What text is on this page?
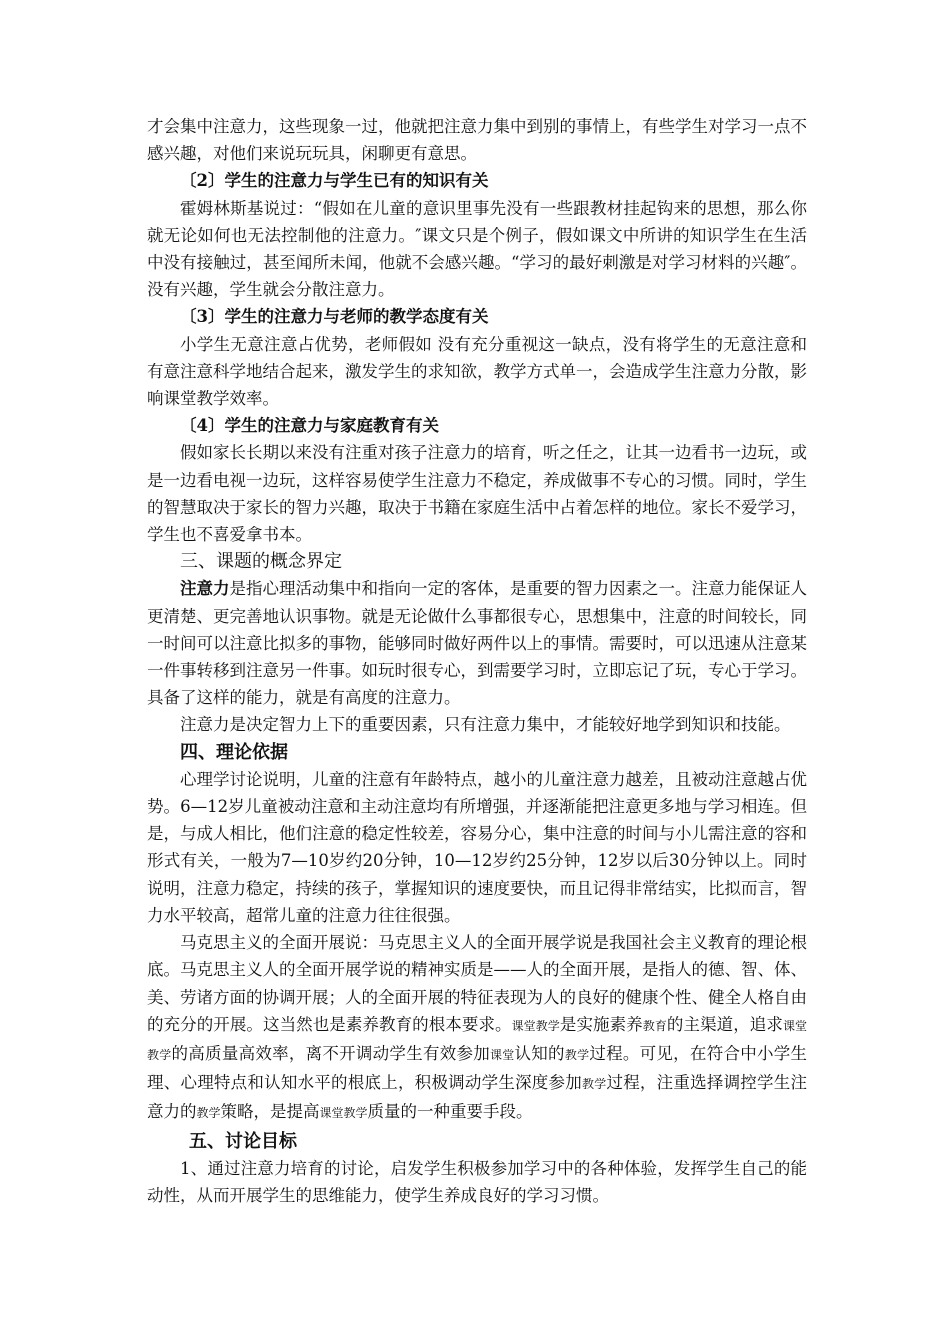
才会集中注意力，这些现象一过，他就把注意力集中到别的事情上，有些学生对学习一点不感兴趣，对他们来说玩玩具，闲聊更有意思。

〔2〕学生的注意力与学生已有的知识有关

霍姆林斯基说过：“假如在儿童的意识里事先没有一些跟教材挂起钩来的思想，那么你就无论如何也无法控制他的注意力。″课文只是个例子，假如课文中所讲的知识学生在生活中没有接触过，甚至闻所未闻，他就不会感兴趣。“学习的最好刺激是对学习材料的兴趣″。没有兴趣，学生就会分散注意力。

〔3〕学生的注意力与老师的教学态度有关

小学生无意注意占优势，老师假如 没有充分重视这一缺点，没有将学生的无意注意和有意注意科学地结合起来，激发学生的求知欲，教学方式单一，会造成学生注意力分散，影响课堂教学效率。

〔4〕学生的注意力与家庭教育有关

假如家长长期以来没有注重对孩子注意力的培育，听之任之，让其一边看书一边玩，或是一边看电视一边玩，这样容易使学生注意力不稳定，养成做事不专心的习惯。同时，学生的智慧取决于家长的智力兴趣，取决于书籍在家庭生活中占着怎样的地位。家长不爱学习，学生也不喜爱拿书本。

三、课题的概念界定

注意力是指心理活动集中和指向一定的客体，是重要的智力因素之一。注意力能保证人更清楚、更完善地认识事物。就是无论做什么事都很专心，思想集中，注意的时间较长，同一时间可以注意比拟多的事物，能够同时做好两件以上的事情。需要时，可以迅速从注意某一件事转移到注意另一件事。如玩时很专心，到需要学习时，立即忘记了玩，专心于学习。具备了这样的能力，就是有高度的注意力。

注意力是决定智力上下的重要因素，只有注意力集中，才能较好地学到知识和技能。

四、理论依据

心理学讨论说明，儿童的注意有年龄特点，越小的儿童注意力越差，且被动注意越占优势。6—12岁儿童被动注意和主动注意均有所增强，并逐渐能把注意更多地与学习相连。但是，与成人相比，他们注意的稳定性较差，容易分心，集中注意的时间与小儿需注意的容和形式有关，一般为7—10岁约20分钟，10—12岁约25分钟，12岁以后30分钟以上。同时说明，注意力稳定，持续的孩子，掌握知识的速度要快，而且记得非常结实，比拟而言，智力水平较高，超常儿童的注意力往往很强。

马克思主义的全面开展说：马克思主义人的全面开展学说是我国社会主义教育的理论根底。马克思主义人的全面开展学说的精神实质是——人的全面开展，是指人的德、智、体、美、劳诸方面的协调开展；人的全面开展的特征表现为人的良好的健康个性、健全人格自由的充分的开展。这当然也是素养教育的根本要求。课堂教学是实施素养教育的主渠道，追求课堂教学的高质量高效率，离不开调动学生有效参加课堂认知的教学过程。可见，在符合中小学生理、心理特点和认知水平的根底上，积极调动学生深度参加教学过程，注重选择调控学生注意力的教学策略，是提高课堂教学质量的一种重要手段。

五、讨论目标

1、通过注意力培育的讨论，启发学生积极参加学习中的各种体验，发挥学生自己的能动性，从而开展学生的思维能力，使学生养成良好的学习习惯。
